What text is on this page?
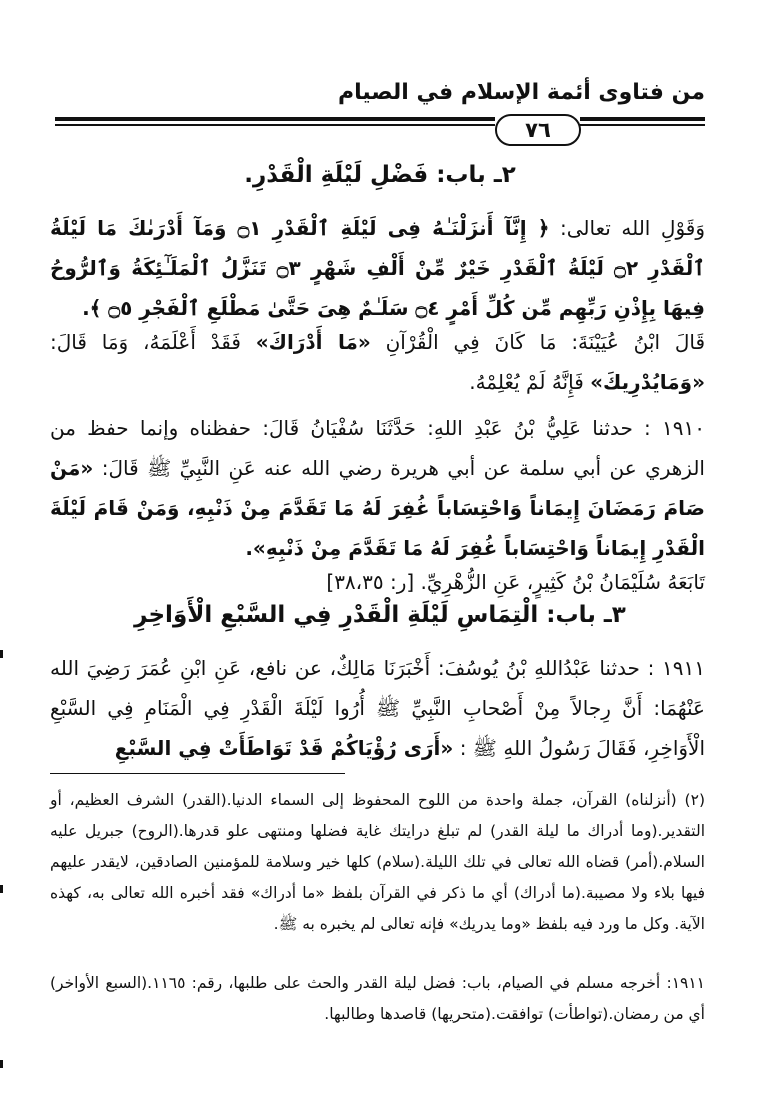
من فتاوى أئمة الإسلام في الصيام
٧٦
٢ـ باب: فَضْلِ لَيْلَةِ الْقَدْرِ.
وَقَوْلِ الله تعالى: ﴿ إِنَّآ أَنزَلْنَـٰهُ فِى لَيْلَةِ ٱلْقَدْرِ ۝١ وَمَآ أَدْرَىٰكَ مَا لَيْلَةُ ٱلْقَدْرِ ۝٢ لَيْلَةُ ٱلْقَدْرِ خَيْرٌ مِّنْ أَلْفِ شَهْرٍ ۝٣ تَنَزَّلُ ٱلْمَلَـٰٓئِكَةُ وَٱلرُّوحُ فِيهَا بِإِذْنِ رَبِّهِم مِّن كُلِّ أَمْرٍ ۝٤ سَلَـٰمٌ هِىَ حَتَّىٰ مَطْلَعِ ٱلْفَجْرِ ۝٥ ﴾.
قَالَ ابْنُ عُيَيْنَةَ: مَا كَانَ فِي الْقُرْآنِ «مَا أَدْرَاكَ» فَقَدْ أَعْلَمَهُ، وَمَا قَالَ: «وَمَايُدْرِيكَ» فَإِنَّهُ لَمْ يُعْلِمْهُ.
١٩١٠ : حدثنا عَلِيُّ بْنُ عَبْدِ اللهِ: حَدَّثَنَا سُفْيَانُ قَالَ: حفظناه وإنما حفظ من الزهري عن أبي سلمة عن أبي هريرة رضي الله عنه عَنِ النَّبِيِّ ﷺ قَالَ: «مَنْ صَامَ رَمَضَانَ إِيمَاناً وَاحْتِسَاباً غُفِرَ لَهُ مَا تَقَدَّمَ مِنْ ذَنْبِهِ، وَمَنْ قَامَ لَيْلَةَ الْقَدْرِ إِيمَاناً وَاحْتِسَاباً غُفِرَ لَهُ مَا تَقَدَّمَ مِنْ ذَنْبِهِ».
تَابَعَهُ سُلَيْمَانُ بْنُ كَثِيرٍ، عَنِ الزُّهْرِيِّ. [ر: ٣٨،٣٥]
٣ـ باب: الْتِمَاسِ لَيْلَةِ الْقَدْرِ فِي السَّبْعِ الْأَوَاخِرِ
١٩١١ : حدثنا عَبْدُاللهِ بْنُ يُوسُفَ: أَخْبَرَنَا مَالِكٌ، عن نافع، عَنِ ابْنِ عُمَرَ رَضِيَ الله عَنْهُمَا: أَنَّ رِجالاً مِنْ أَصْحابِ النَّبِيِّ ﷺ أُرُوا لَيْلَةَ الْقَدْرِ فِي الْمَنَامِ فِي السَّبْعِ الْأَوَاخِرِ، فَقَالَ رَسُولُ اللهِ ﷺ : «أَرَى رُؤْيَاكُمْ قَدْ تَوَاطَأَتْ فِي السَّبْعِ
(٢) (أنزلناه) القرآن، جملة واحدة من اللوح المحفوظ إلى السماء الدنيا.(القدر) الشرف العظيم، أو التقدير.(وما أدراك ما ليلة القدر) لم تبلغ درايتك غاية فضلها ومنتهى علو قدرها.(الروح) جبريل عليه السلام.(أمر) قضاه الله تعالى في تلك الليلة.(سلام) كلها خير وسلامة للمؤمنين الصادقين، لايقدر عليهم فيها بلاء ولا مصيبة.(ما أدراك) أي ما ذكر في القرآن بلفظ «ما أدراك» فقد أخبره الله تعالى به، كهذه الآية. وكل ما ورد فيه بلفظ «وما يدريك» فإنه تعالى لم يخبره به ﷺ.
١٩١١: أخرجه مسلم في الصيام، باب: فضل ليلة القدر والحث على طلبها، رقم: ١١٦٥.(السبع الأواخر) أي من رمضان.(تواطأت) توافقت.(متحريها) قاصدها وطالبها.
